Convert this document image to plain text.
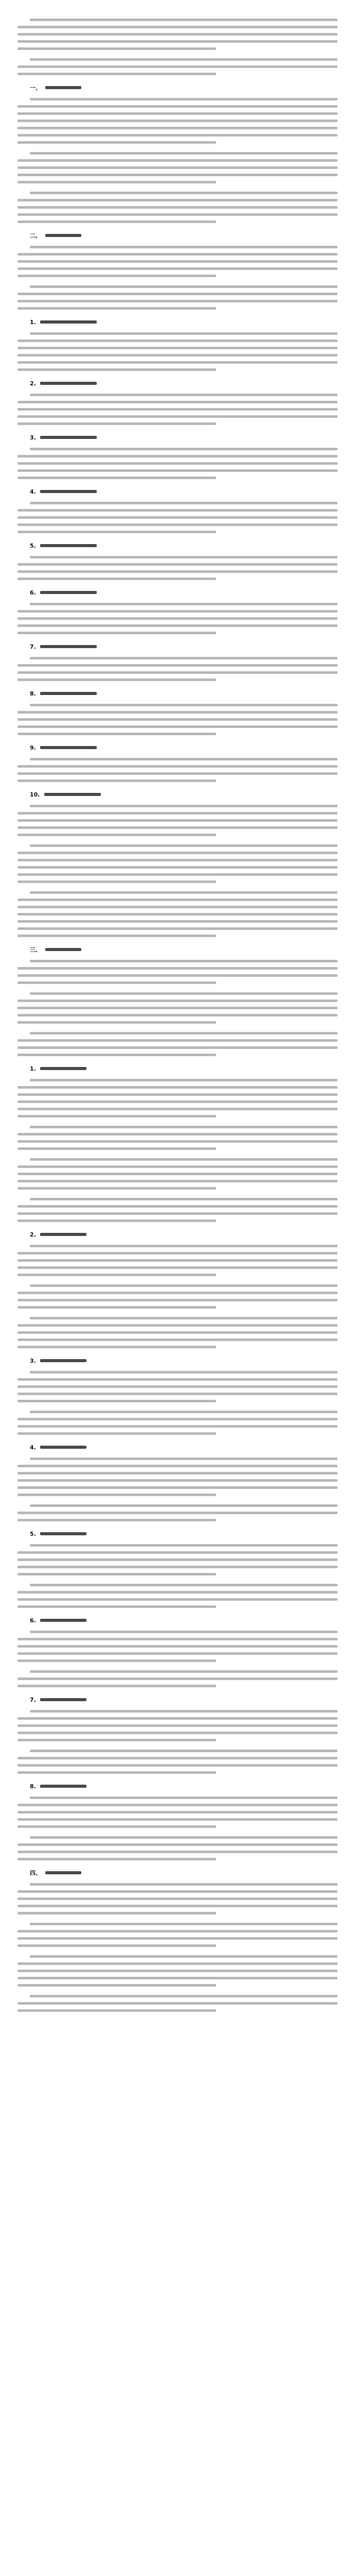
一、
二、
1.
2.
3.
4.
5.
6.
7.
8.
9.
10.
三、
1.
2.
3.
4.
5.
6.
7.
8.
四、
